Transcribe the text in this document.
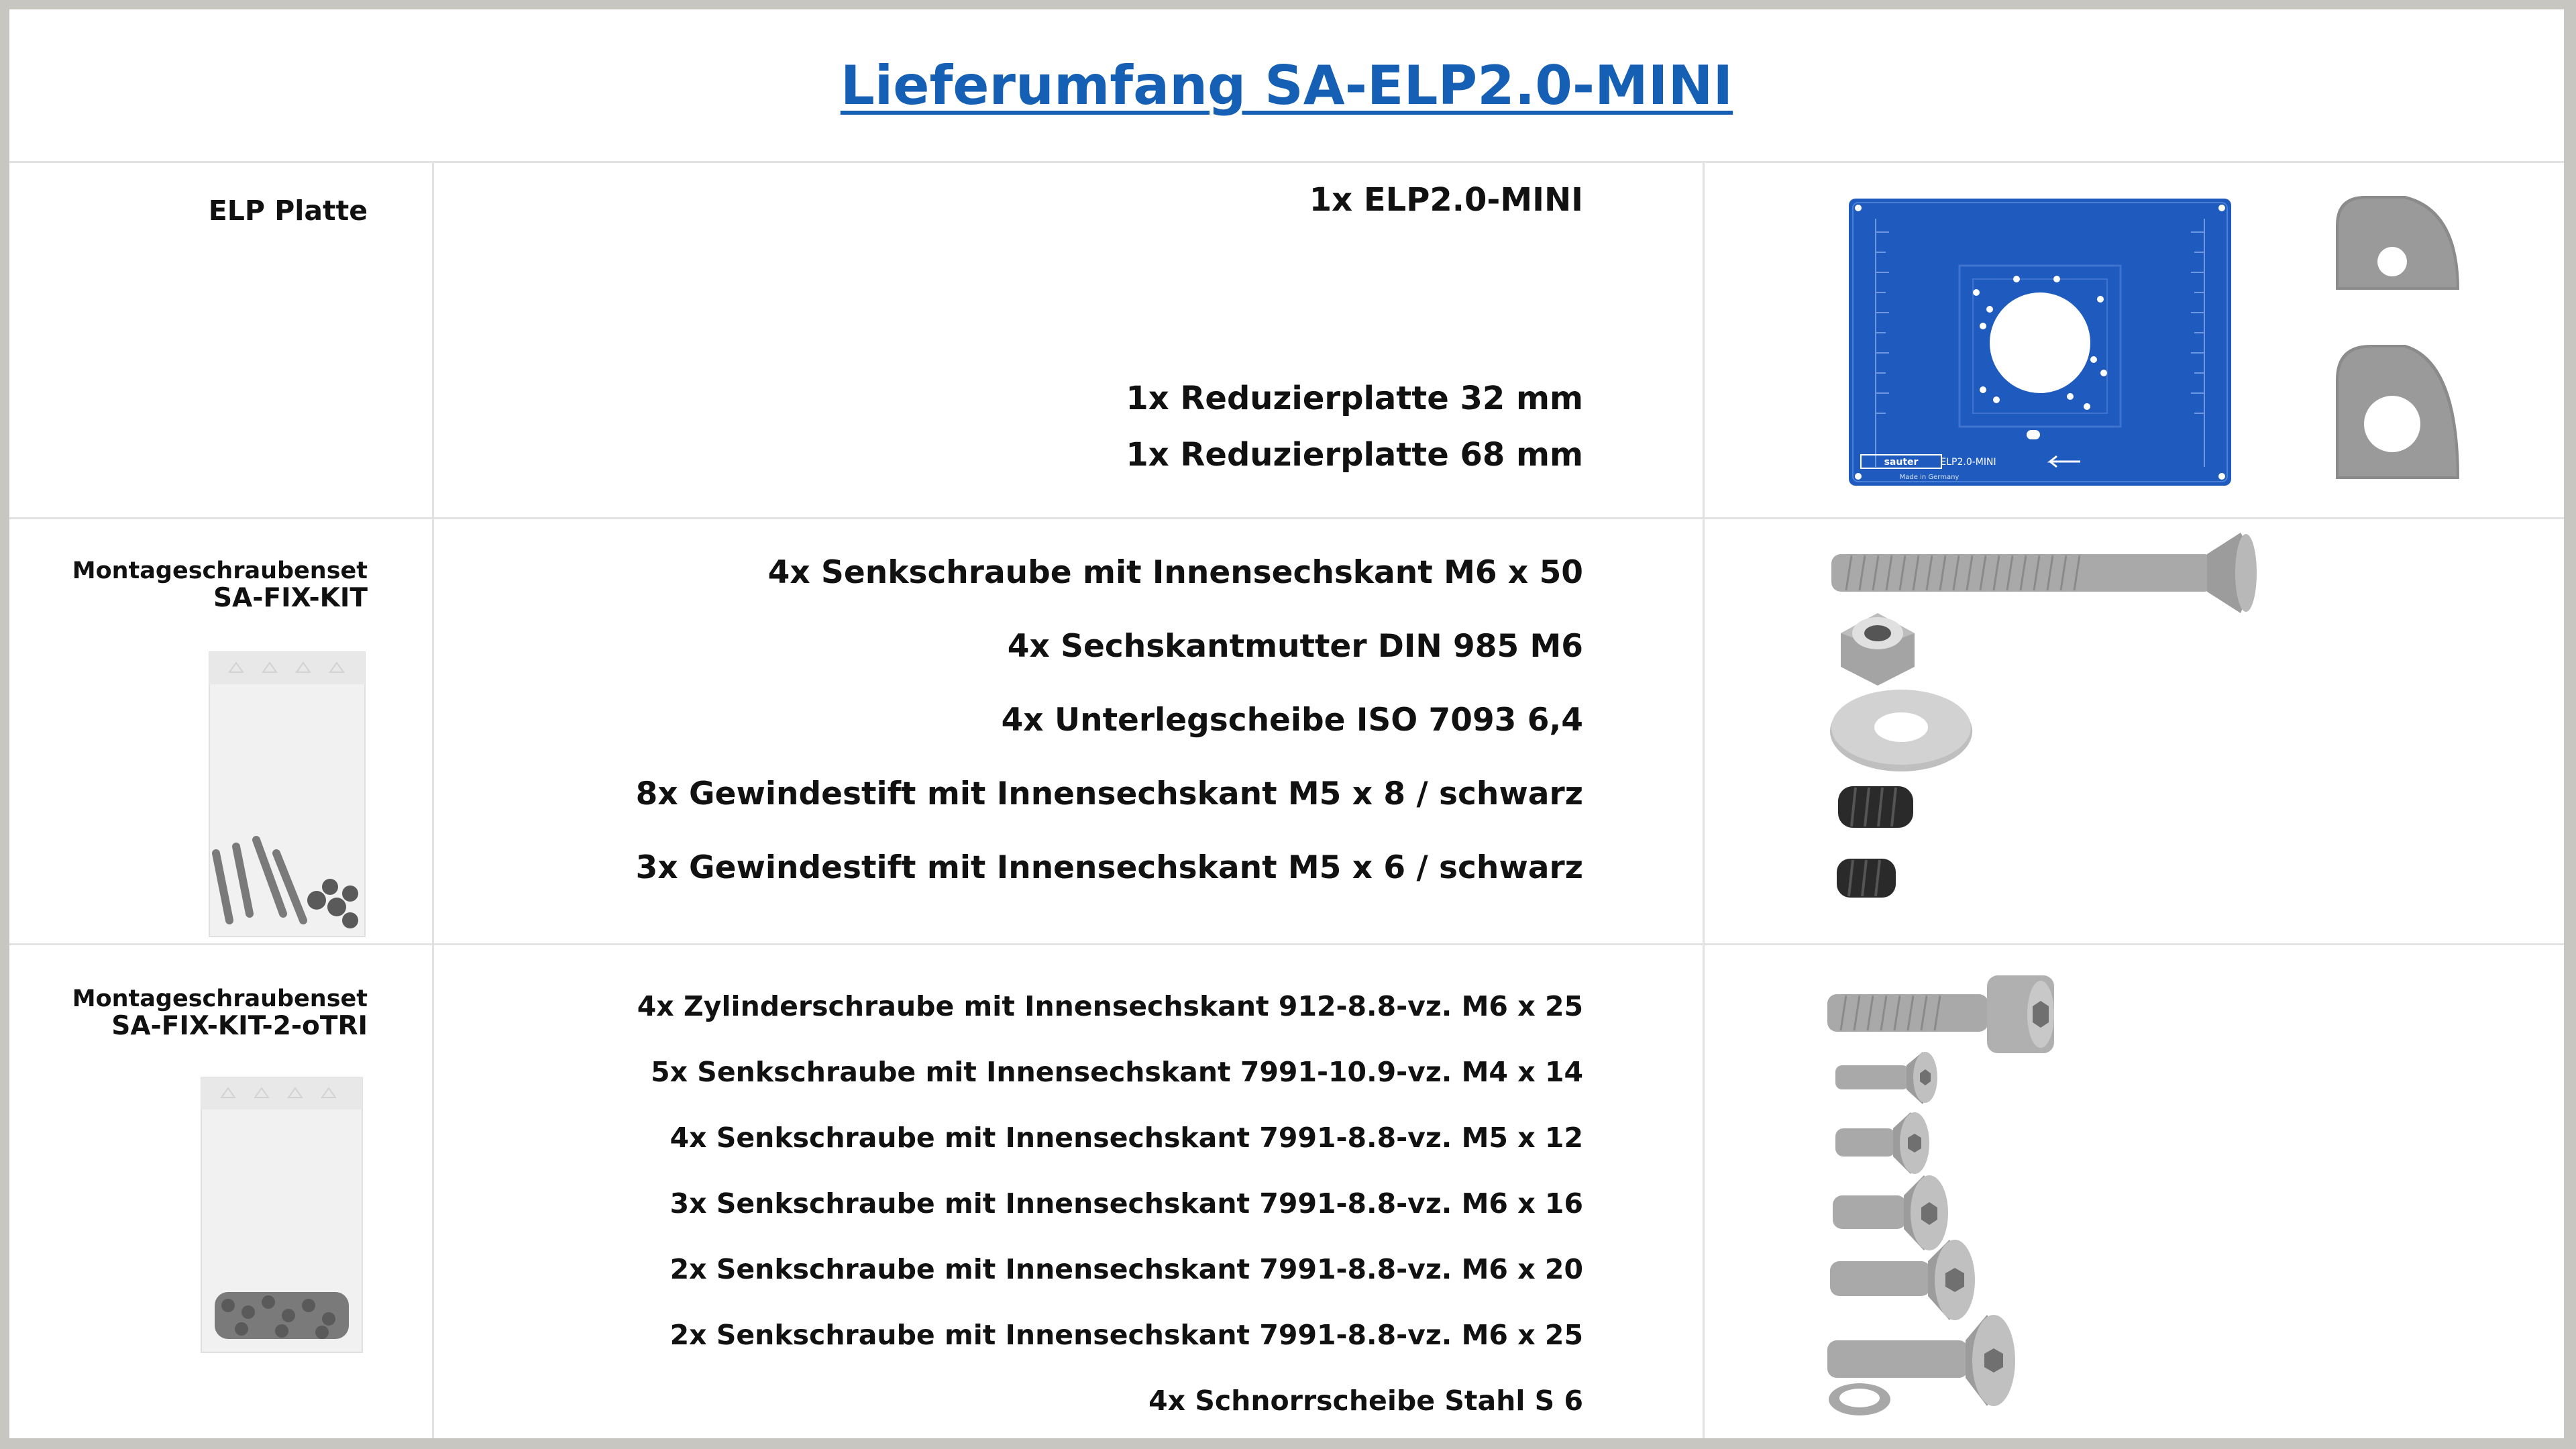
Lieferumfang SA-ELP2.0-MINI
ELP Platte	1x ELP2.0-MINI
1x Reduzierplatte 32 mm
1x Reduzierplatte 68 mm	sauter ELP2.0-MINI
Made in Germany
Montageschraubenset
SA-FIX-KIT
4x Senkschraube mit Innensechskant M6 x 50
4x Sechskantmutter DIN 985 M6
4x Unterlegscheibe ISO 7093 6,4
8x Gewindestift mit Innensechskant M5 x 8 / schwarz
3x Gewindestift mit Innensechskant M5 x 6 / schwarz
Montageschraubenset
SA-FIX-KIT-2-oTRI
4x Zylinderschraube mit Innensechskant 912-8.8-vz. M6 x 25
5x Senkschraube mit Innensechskant 7991-10.9-vz. M4 x 14
4x Senkschraube mit Innensechskant 7991-8.8-vz. M5 x 12
3x Senkschraube mit Innensechskant 7991-8.8-vz. M6 x 16
2x Senkschraube mit Innensechskant 7991-8.8-vz. M6 x 20
2x Senkschraube mit Innensechskant 7991-8.8-vz. M6 x 25
4x Schnorrscheibe Stahl S 6
